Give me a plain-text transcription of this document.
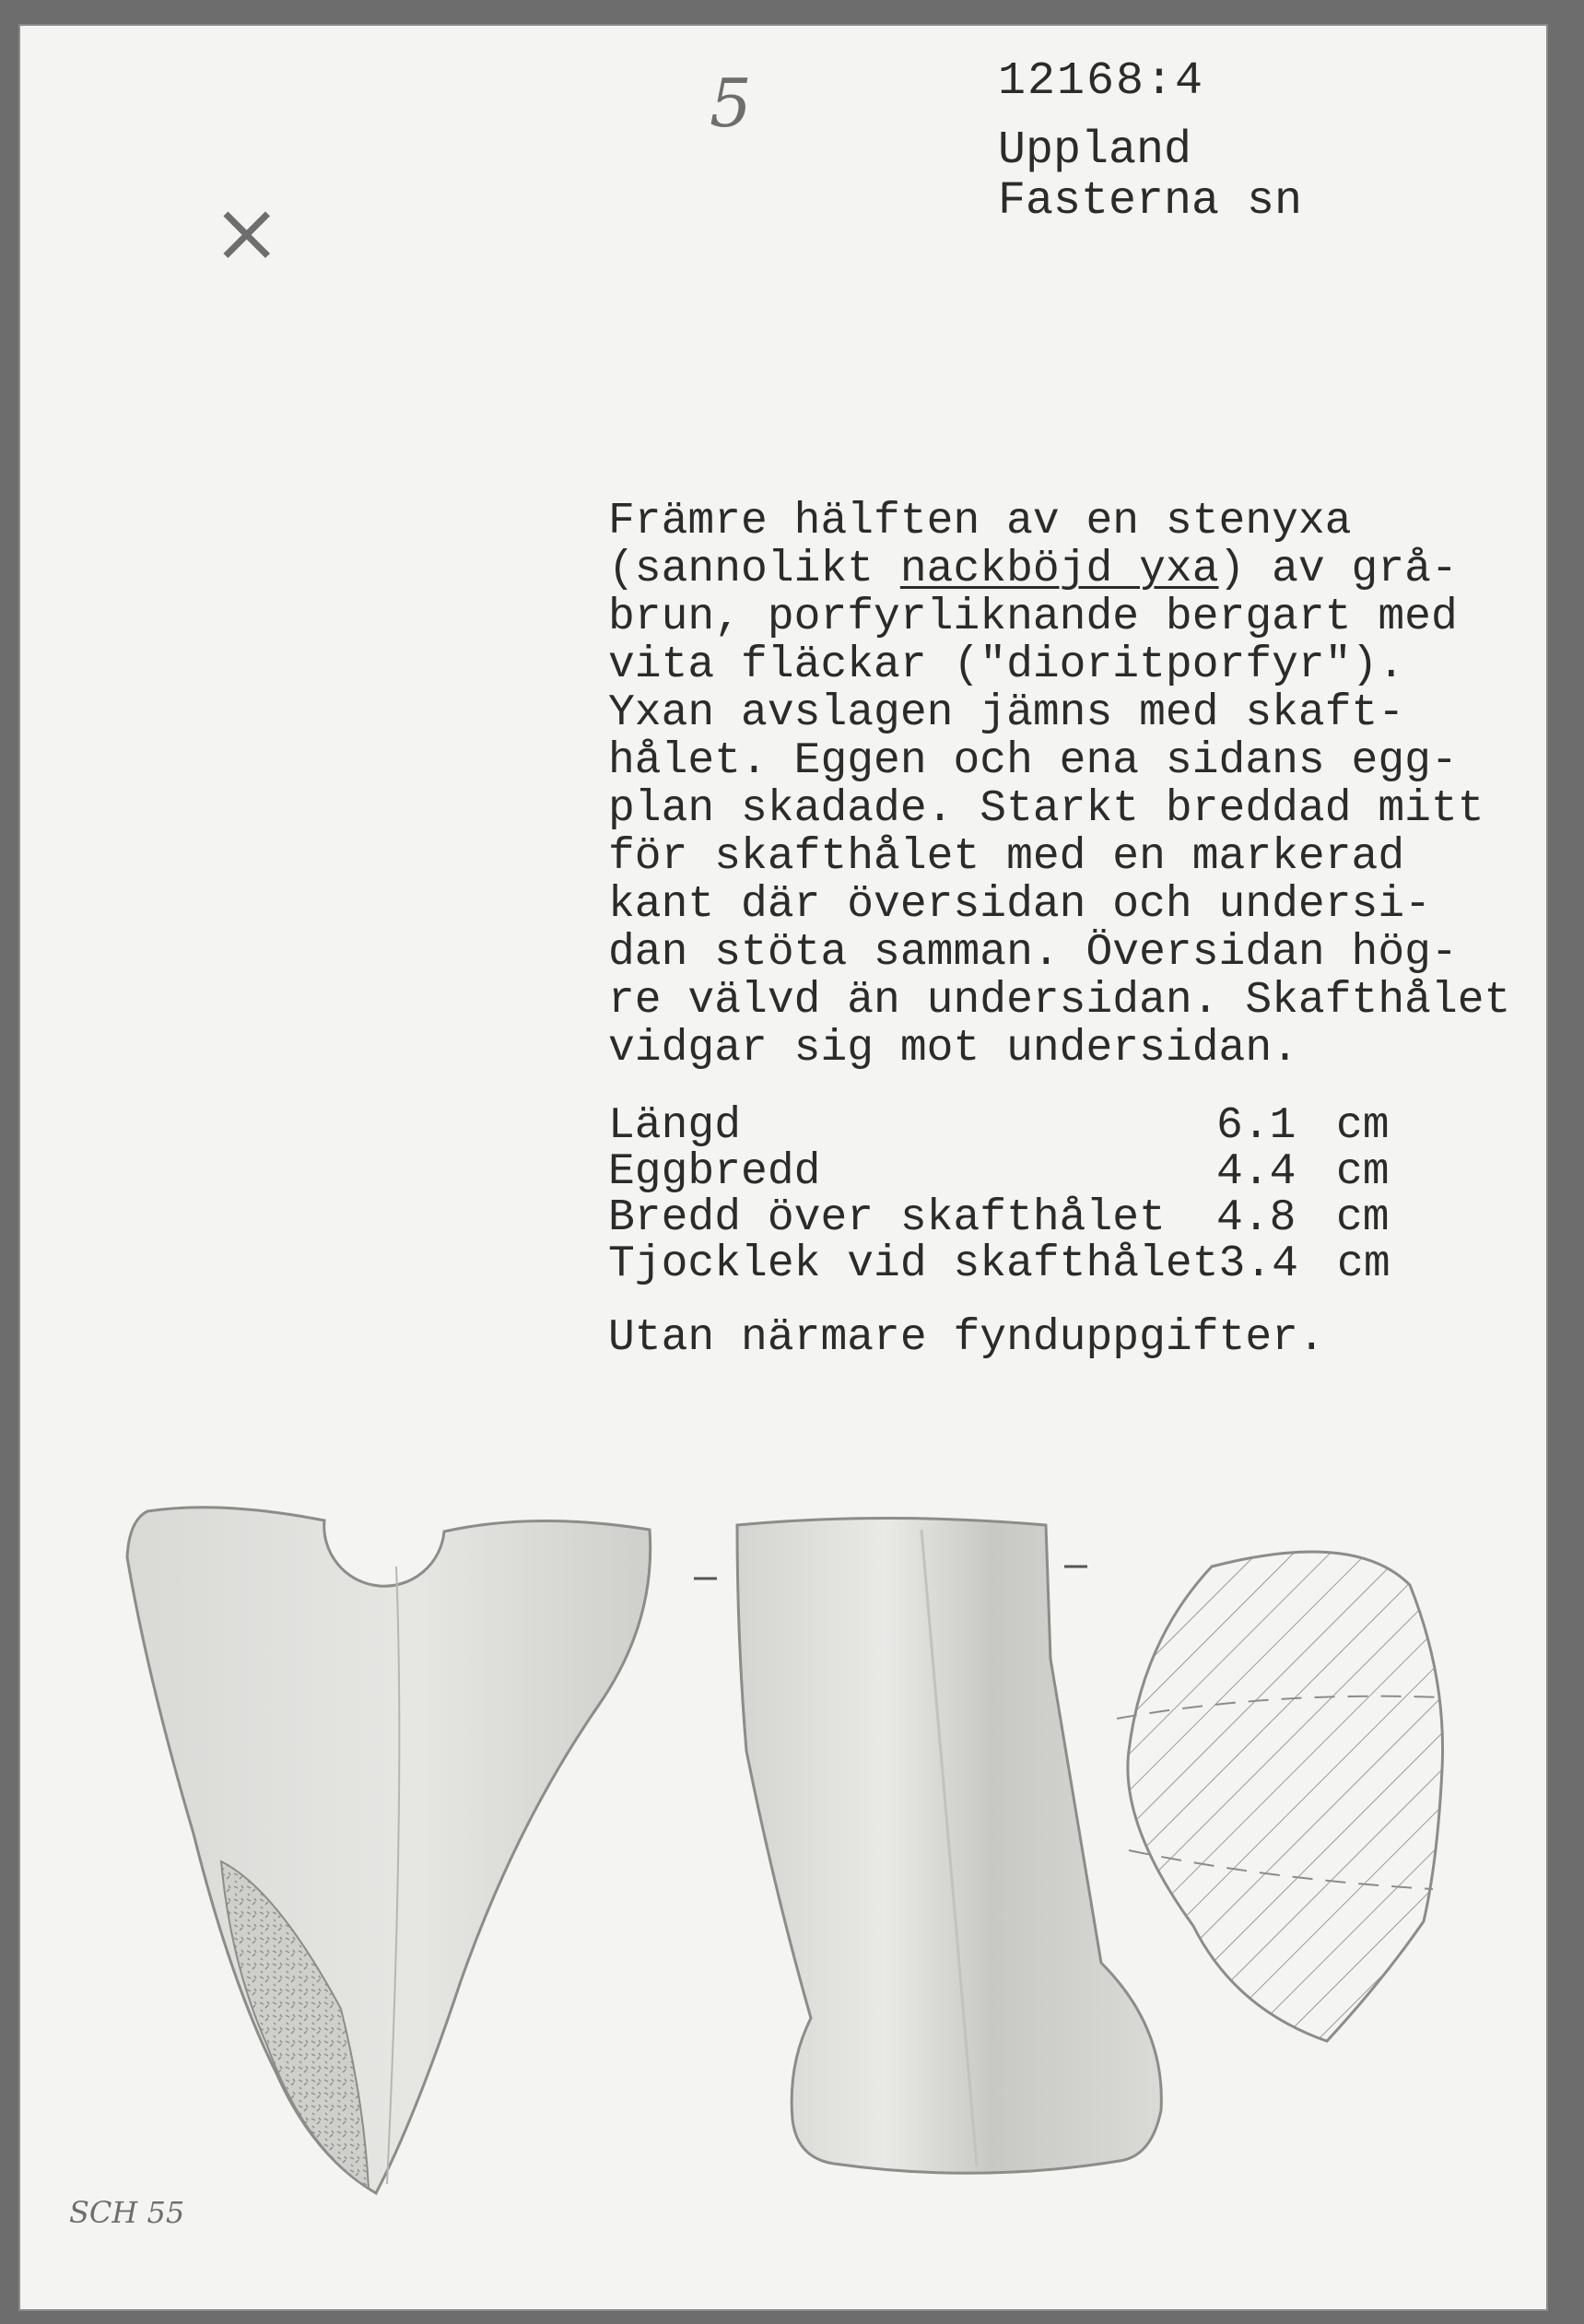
5
×
SCH 55
12168:4
Uppland
Fasterna sn
Främre hälften av en stenyxa
(sannolikt nackböjd yxa) av grå-
brun, porfyrliknande bergart med
vita fläckar ("dioritporfyr").
Yxan avslagen jämns med skaft-
hålet. Eggen och ena sidans egg-
plan skadade. Starkt breddad mitt
för skafthålet med en markerad
kant där översidan och undersi-
dan stöta samman. Översidan hög-
re välvd än undersidan. Skafthålet
vidgar sig mot undersidan.
Längd	6.1 cm
Eggbredd	4.4 cm
Bredd över skafthålet	4.8 cm
Tjocklek vid skafthålet 3.4 cm
Utan närmare fynduppgifter.
